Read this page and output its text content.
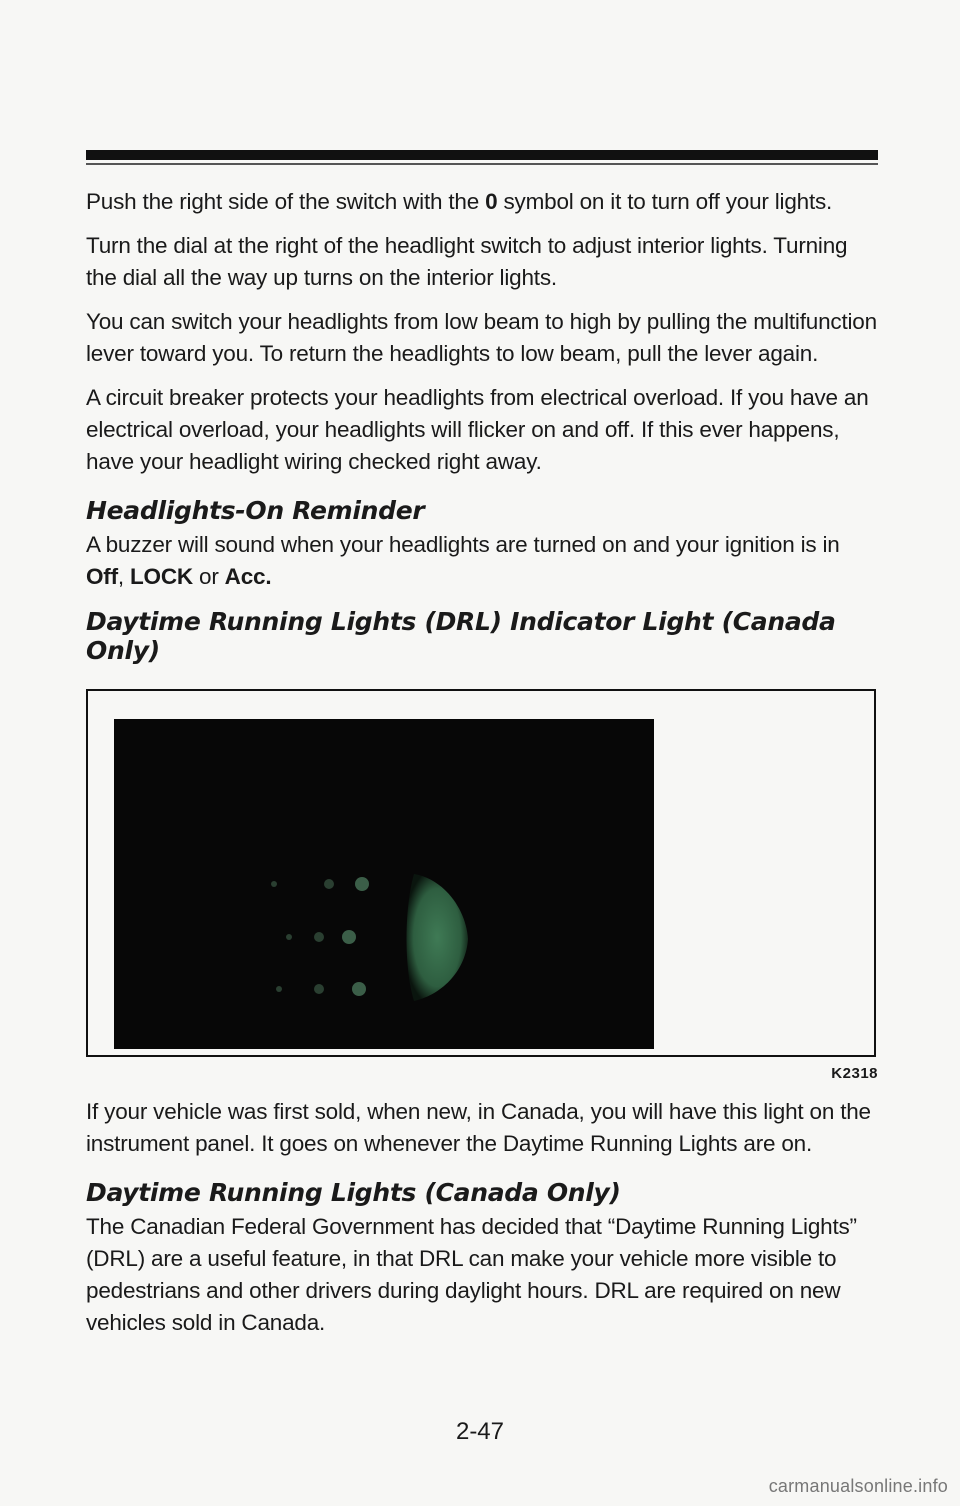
Push the right side of the switch with the 0 symbol on it to turn off your lights.

Turn the dial at the right of the headlight switch to adjust interior lights. Turning the dial all the way up turns on the interior lights.

You can switch your headlights from low beam to high by pulling the multifunction lever toward you. To return the headlights to low beam, pull the lever again.

A circuit breaker protects your headlights from electrical overload. If you have an electrical overload, your headlights will flicker on and off. If this ever happens, have your headlight wiring checked right away.

Headlights-On Reminder

A buzzer will sound when your headlights are turned on and your ignition is in Off, LOCK or Acc.

Daytime Running Lights (DRL) Indicator Light (Canada Only)
K2318

If your vehicle was first sold, when new, in Canada, you will have this light on the instrument panel. It goes on whenever the Daytime Running Lights are on.

Daytime Running Lights (Canada Only)

The Canadian Federal Government has decided that “Daytime Running Lights” (DRL) are a useful feature, in that DRL can make your vehicle more visible to pedestrians and other drivers during daylight hours. DRL are required on new vehicles sold in Canada.

2-47
carmanualsonline.info
